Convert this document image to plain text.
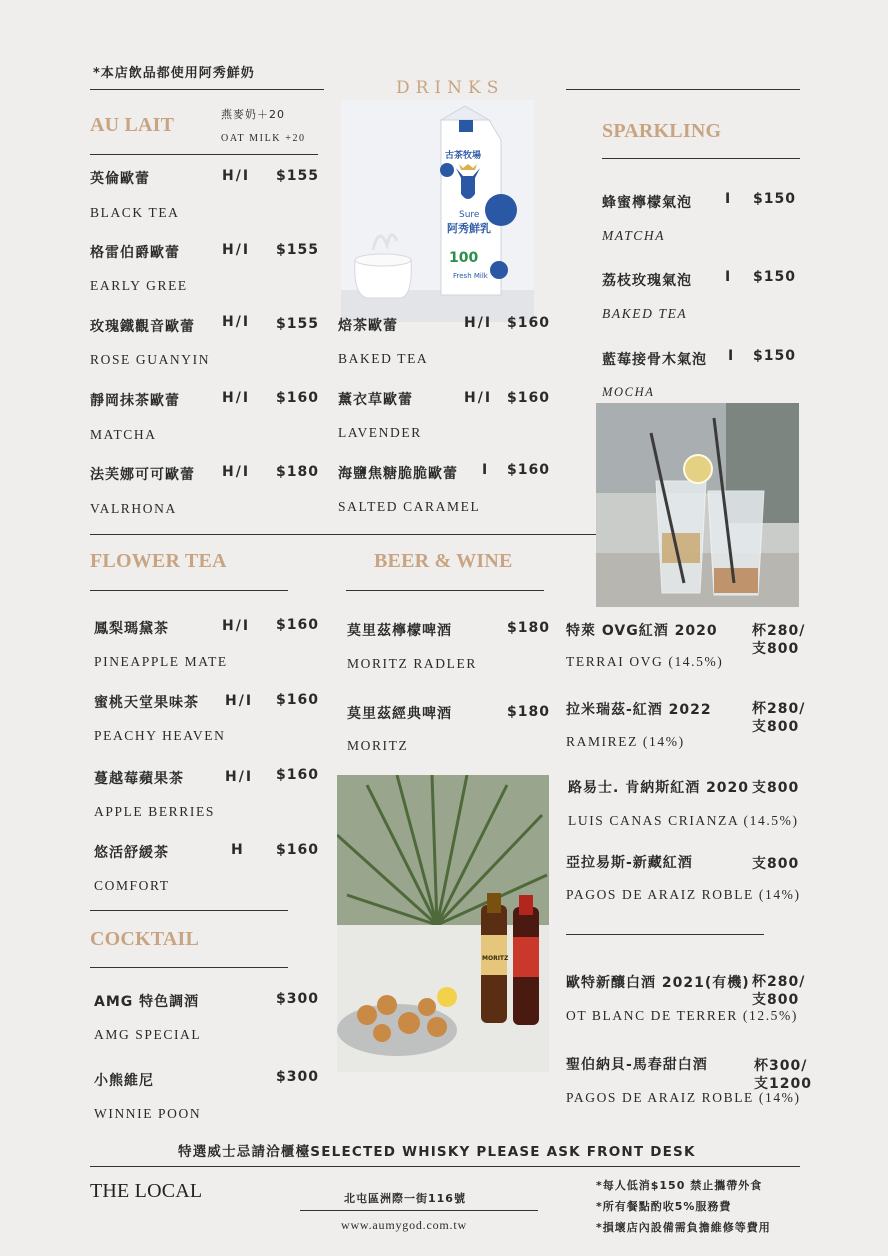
*本店飲品都使用阿秀鮮奶
DRINKS
AU LAIT	燕麥奶＋20
OAT MILK +20
英倫歐蕾	H/I $155
BLACK TEA
格雷伯爵歐蕾	H/I $155
EARLY GREE
玫瑰鐵觀音歐蕾 H/I $155
ROSE GUANYIN
靜岡抹茶歐蕾	H/I $160
MATCHA
法芙娜可可歐蕾 H/I $180
VALRHONA
古茶牧場
Sure
阿秀鮮乳
100
Fresh Milk
焙茶歐蕾	H/I $160
BAKED TEA
薰衣草歐蕾	H/I $160
LAVENDER
海鹽焦糖脆脆歐蕾 I $160
SALTED CARAMEL
SPARKLING
蜂蜜檸檬氣泡 I $150
MATCHA
荔枝玫瑰氣泡 I $150
BAKED TEA
藍莓接骨木氣泡 I $150
MOCHA
FLOWER TEA
鳳梨瑪黛茶	H/I $160
PINEAPPLE MATE
蜜桃天堂果味茶 H/I $160
PEACHY HEAVEN
蔓越莓蘋果茶	H/I $160
APPLE BERRIES
悠活舒緩茶	H $160
COMFORT
COCKTAIL
AMG 特色調酒	$300
AMG SPECIAL
小熊維尼	$300
WINNIE POON
BEER & WINE
莫里茲檸檬啤酒	$180
MORITZ RADLER
莫里茲經典啤酒	$180
MORITZ
MORITZ
特萊 OVG紅酒 2020 杯280/
支800
TERRAI OVG (14.5%)
拉米瑞茲-紅酒 2022	杯280/
支800
RAMIREZ (14%)
路易士. 肯納斯紅酒 2020 支800
LUIS CANAS CRIANZA (14.5%)
亞拉易斯-新藏紅酒	支800
PAGOS DE ARAIZ ROBLE (14%)
歐特新釀白酒 2021(有機) 杯280/
支800
OT BLANC DE TERRER (12.5%)
聖伯納貝-馬春甜白酒	杯300/
支1200
PAGOS DE ARAIZ ROBLE (14%)
特選威士忌請洽櫃檯SELECTED WHISKY PLEASE ASK FRONT DESK
THE LOCAL	北屯區洲際一街116號
www.aumygod.com.tw
*每人低消$150 禁止攜帶外食
*所有餐點酌收5%服務費
*損壞店內設備需負擔維修等費用
